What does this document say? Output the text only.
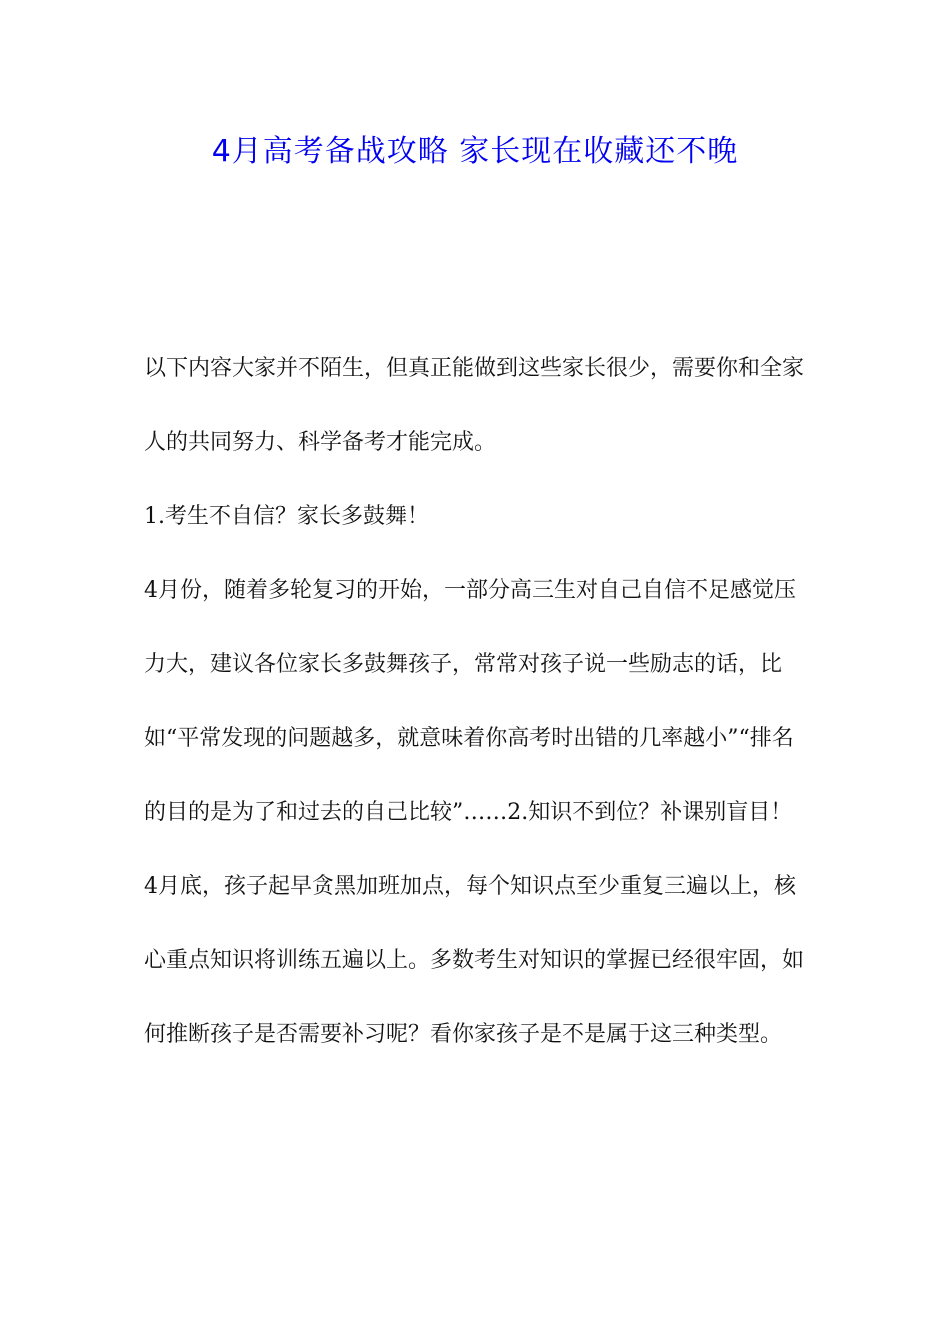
4月高考备战攻略 家长现在收藏还不晚

以下内容大家并不陌生，但真正能做到这些家长很少，需要你和全家人的共同努力、科学备考才能完成。

1.考生不自信？家长多鼓舞！

4月份，随着多轮复习的开始，一部分高三生对自己自信不足感觉压力大，建议各位家长多鼓舞孩子，常常对孩子说一些励志的话，比如“平常发现的问题越多，就意味着你高考时出错的几率越小”“排名的目的是为了和过去的自己比较”……2.知识不到位？补课别盲目！

4月底，孩子起早贪黑加班加点，每个知识点至少重复三遍以上，核心重点知识将训练五遍以上。多数考生对知识的掌握已经很牢固，如何推断孩子是否需要补习呢？看你家孩子是不是属于这三种类型。
